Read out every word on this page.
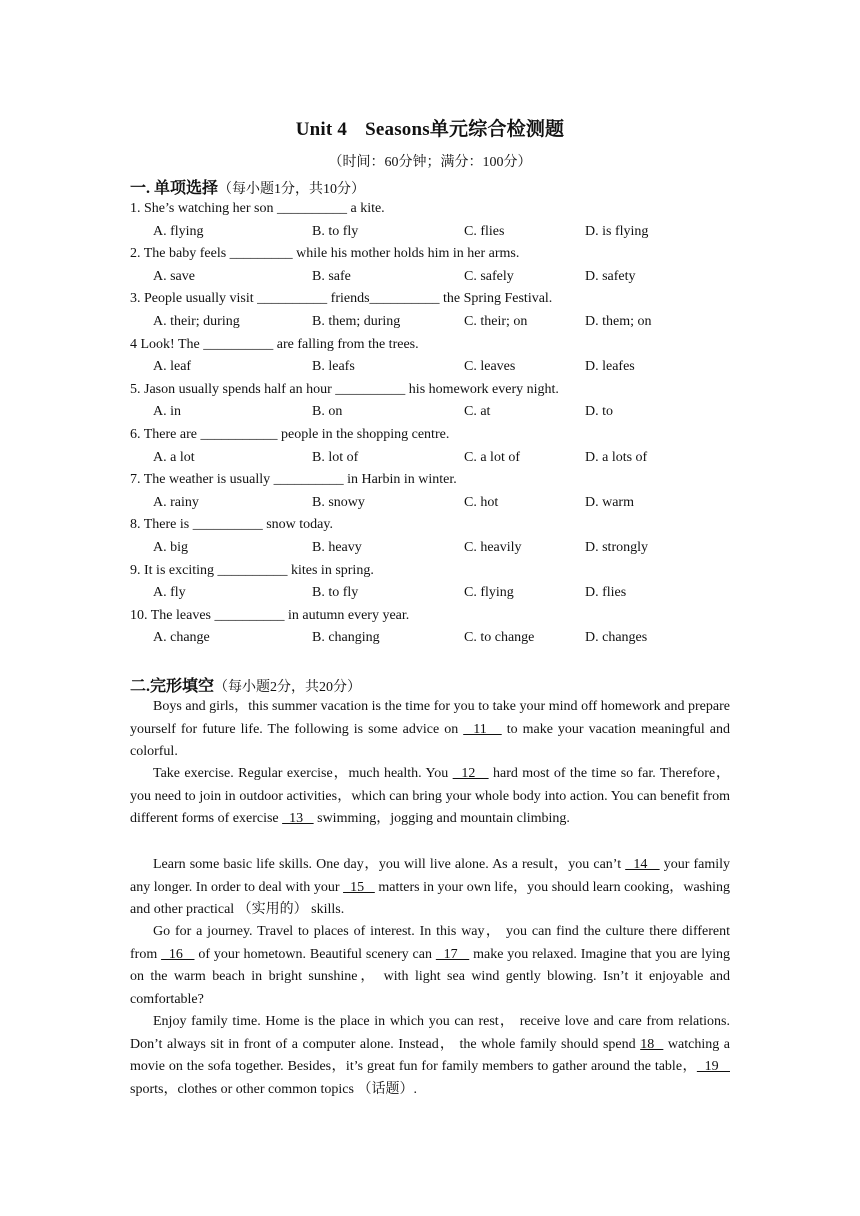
Unit 4 Seasons单元综合检测题
（时间：60分钟；满分：100分）
一. 单项选择（每小题1分，共10分）
1. She’s watching her son __________ a kite.
A. flying	B. to fly	C. flies	D. is flying
2. The baby feels _________ while his mother holds him in her arms.
A. save	B. safe	C. safely	D. safety
3. People usually visit __________ friends__________ the Spring Festival.
A. their; during	B. them; during	C. their; on	D. them; on
4 Look! The __________ are falling from the trees.
A. leaf	B. leafs	C. leaves	D. leafes
5. Jason usually spends half an hour __________ his homework every night.
A. in	B. on	C. at	D. to
6. There are ___________ people in the shopping centre.
A. a lot	B. lot of	C. a lot of	D. a lots of
7. The weather is usually __________ in Harbin in winter.
A. rainy	B. snowy	C. hot	D. warm
8. There is __________ snow today.
A. big	B. heavy	C. heavily	D. strongly
9. It is exciting __________ kites in spring.
A. fly	B. to fly	C. flying	D. flies
10. The leaves __________ in autumn every year.
A. change	B. changing	C. to change	D. changes
二.完形填空（每小题2分，共20分）
Boys and girls，this summer vacation is the time for you to take your mind off homework and prepare yourself for future life. The following is some advice on   11    to make your vacation meaningful and colorful.
Take exercise. Regular exercise，much health. You   12    hard most of the time so far. Therefore，you need to join in outdoor activities，which can bring your whole body into action. You can benefit from different forms of exercise   13    swimming，jogging and mountain climbing.
Learn some basic life skills. One day，you will live alone. As a result，you can’t   14    your family any longer. In order to deal with your   15    matters in your own life，you should learn cooking，washing and other practical （实用的） skills.
Go for a journey. Travel to places of interest. In this way， you can find the culture there different from   16    of your hometown. Beautiful scenery can   17    make you relaxed. Imagine that you are lying on the warm beach in bright sunshine， with light sea wind gently blowing. Isn’t it enjoyable and comfortable?
Enjoy family time. Home is the place in which you can rest， receive love and care from relations. Don’t always sit in front of a computer alone. Instead， the whole family should spend 18   watching a movie on the sofa together. Besides，it’s great fun for family members to gather around the table，  19    sports，clothes or other common topics （话题）.
